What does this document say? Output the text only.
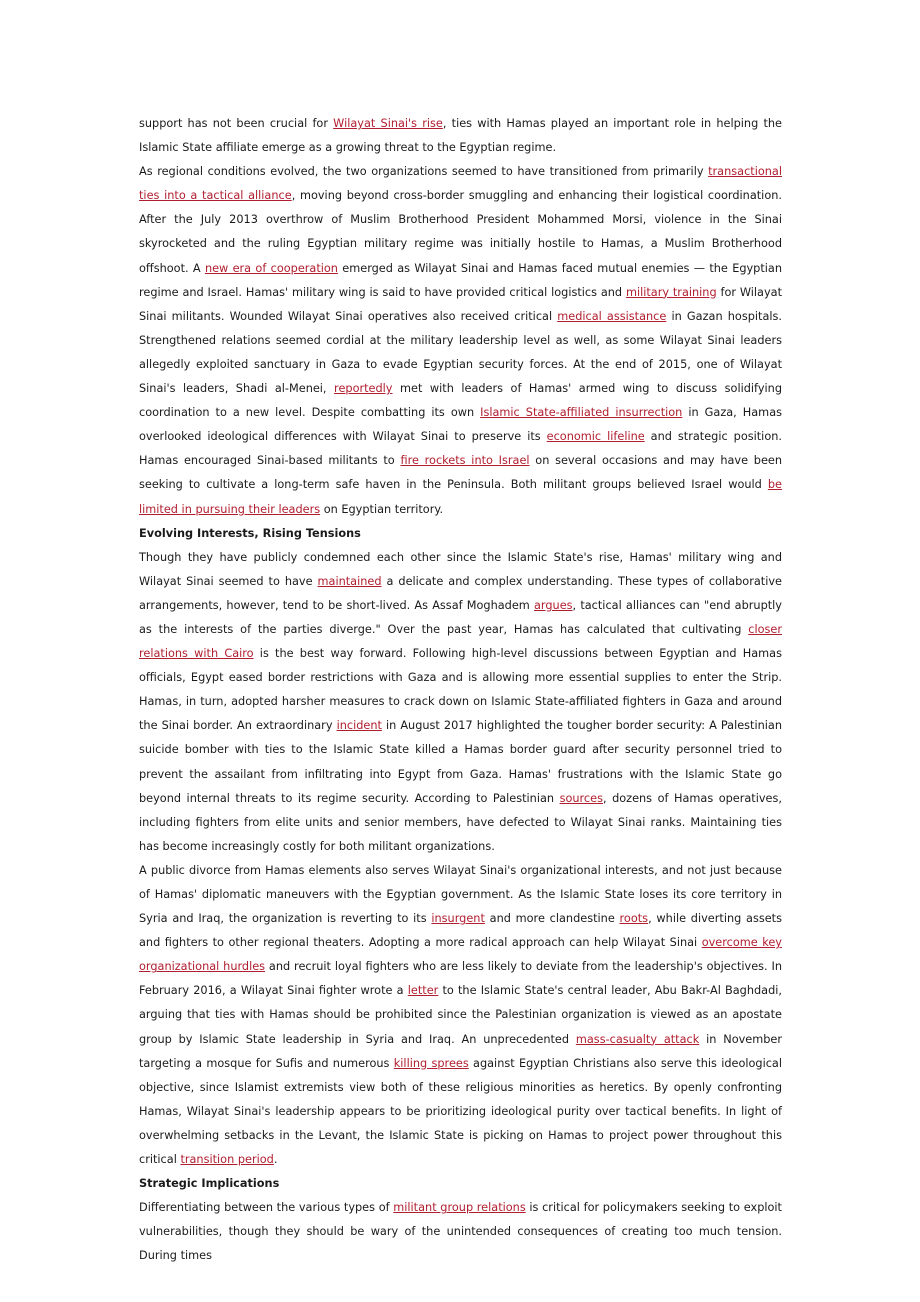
support has not been crucial for Wilayat Sinai's rise, ties with Hamas played an important role in helping the Islamic State affiliate emerge as a growing threat to the Egyptian regime.

As regional conditions evolved, the two organizations seemed to have transitioned from primarily transactional ties into a tactical alliance, moving beyond cross-border smuggling and enhancing their logistical coordination. After the July 2013 overthrow of Muslim Brotherhood President Mohammed Morsi, violence in the Sinai skyrocketed and the ruling Egyptian military regime was initially hostile to Hamas, a Muslim Brotherhood offshoot. A new era of cooperation emerged as Wilayat Sinai and Hamas faced mutual enemies — the Egyptian regime and Israel. Hamas' military wing is said to have provided critical logistics and military training for Wilayat Sinai militants. Wounded Wilayat Sinai operatives also received critical medical assistance in Gazan hospitals. Strengthened relations seemed cordial at the military leadership level as well, as some Wilayat Sinai leaders allegedly exploited sanctuary in Gaza to evade Egyptian security forces. At the end of 2015, one of Wilayat Sinai's leaders, Shadi al-Menei, reportedly met with leaders of Hamas' armed wing to discuss solidifying coordination to a new level. Despite combatting its own Islamic State-affiliated insurrection in Gaza, Hamas overlooked ideological differences with Wilayat Sinai to preserve its economic lifeline and strategic position. Hamas encouraged Sinai-based militants to fire rockets into Israel on several occasions and may have been seeking to cultivate a long-term safe haven in the Peninsula. Both militant groups believed Israel would be limited in pursuing their leaders on Egyptian territory.

Evolving Interests, Rising Tensions

Though they have publicly condemned each other since the Islamic State's rise, Hamas' military wing and Wilayat Sinai seemed to have maintained a delicate and complex understanding. These types of collaborative arrangements, however, tend to be short-lived. As Assaf Moghadem argues, tactical alliances can "end abruptly as the interests of the parties diverge." Over the past year, Hamas has calculated that cultivating closer relations with Cairo is the best way forward. Following high-level discussions between Egyptian and Hamas officials, Egypt eased border restrictions with Gaza and is allowing more essential supplies to enter the Strip. Hamas, in turn, adopted harsher measures to crack down on Islamic State-affiliated fighters in Gaza and around the Sinai border. An extraordinary incident in August 2017 highlighted the tougher border security: A Palestinian suicide bomber with ties to the Islamic State killed a Hamas border guard after security personnel tried to prevent the assailant from infiltrating into Egypt from Gaza. Hamas' frustrations with the Islamic State go beyond internal threats to its regime security. According to Palestinian sources, dozens of Hamas operatives, including fighters from elite units and senior members, have defected to Wilayat Sinai ranks. Maintaining ties has become increasingly costly for both militant organizations.

A public divorce from Hamas elements also serves Wilayat Sinai's organizational interests, and not just because of Hamas' diplomatic maneuvers with the Egyptian government. As the Islamic State loses its core territory in Syria and Iraq, the organization is reverting to its insurgent and more clandestine roots, while diverting assets and fighters to other regional theaters. Adopting a more radical approach can help Wilayat Sinai overcome key organizational hurdles and recruit loyal fighters who are less likely to deviate from the leadership's objectives. In February 2016, a Wilayat Sinai fighter wrote a letter to the Islamic State's central leader, Abu Bakr-Al Baghdadi, arguing that ties with Hamas should be prohibited since the Palestinian organization is viewed as an apostate group by Islamic State leadership in Syria and Iraq. An unprecedented mass-casualty attack in November targeting a mosque for Sufis and numerous killing sprees against Egyptian Christians also serve this ideological objective, since Islamist extremists view both of these religious minorities as heretics. By openly confronting Hamas, Wilayat Sinai's leadership appears to be prioritizing ideological purity over tactical benefits. In light of overwhelming setbacks in the Levant, the Islamic State is picking on Hamas to project power throughout this critical transition period.

Strategic Implications

Differentiating between the various types of militant group relations is critical for policymakers seeking to exploit vulnerabilities, though they should be wary of the unintended consequences of creating too much tension. During times
